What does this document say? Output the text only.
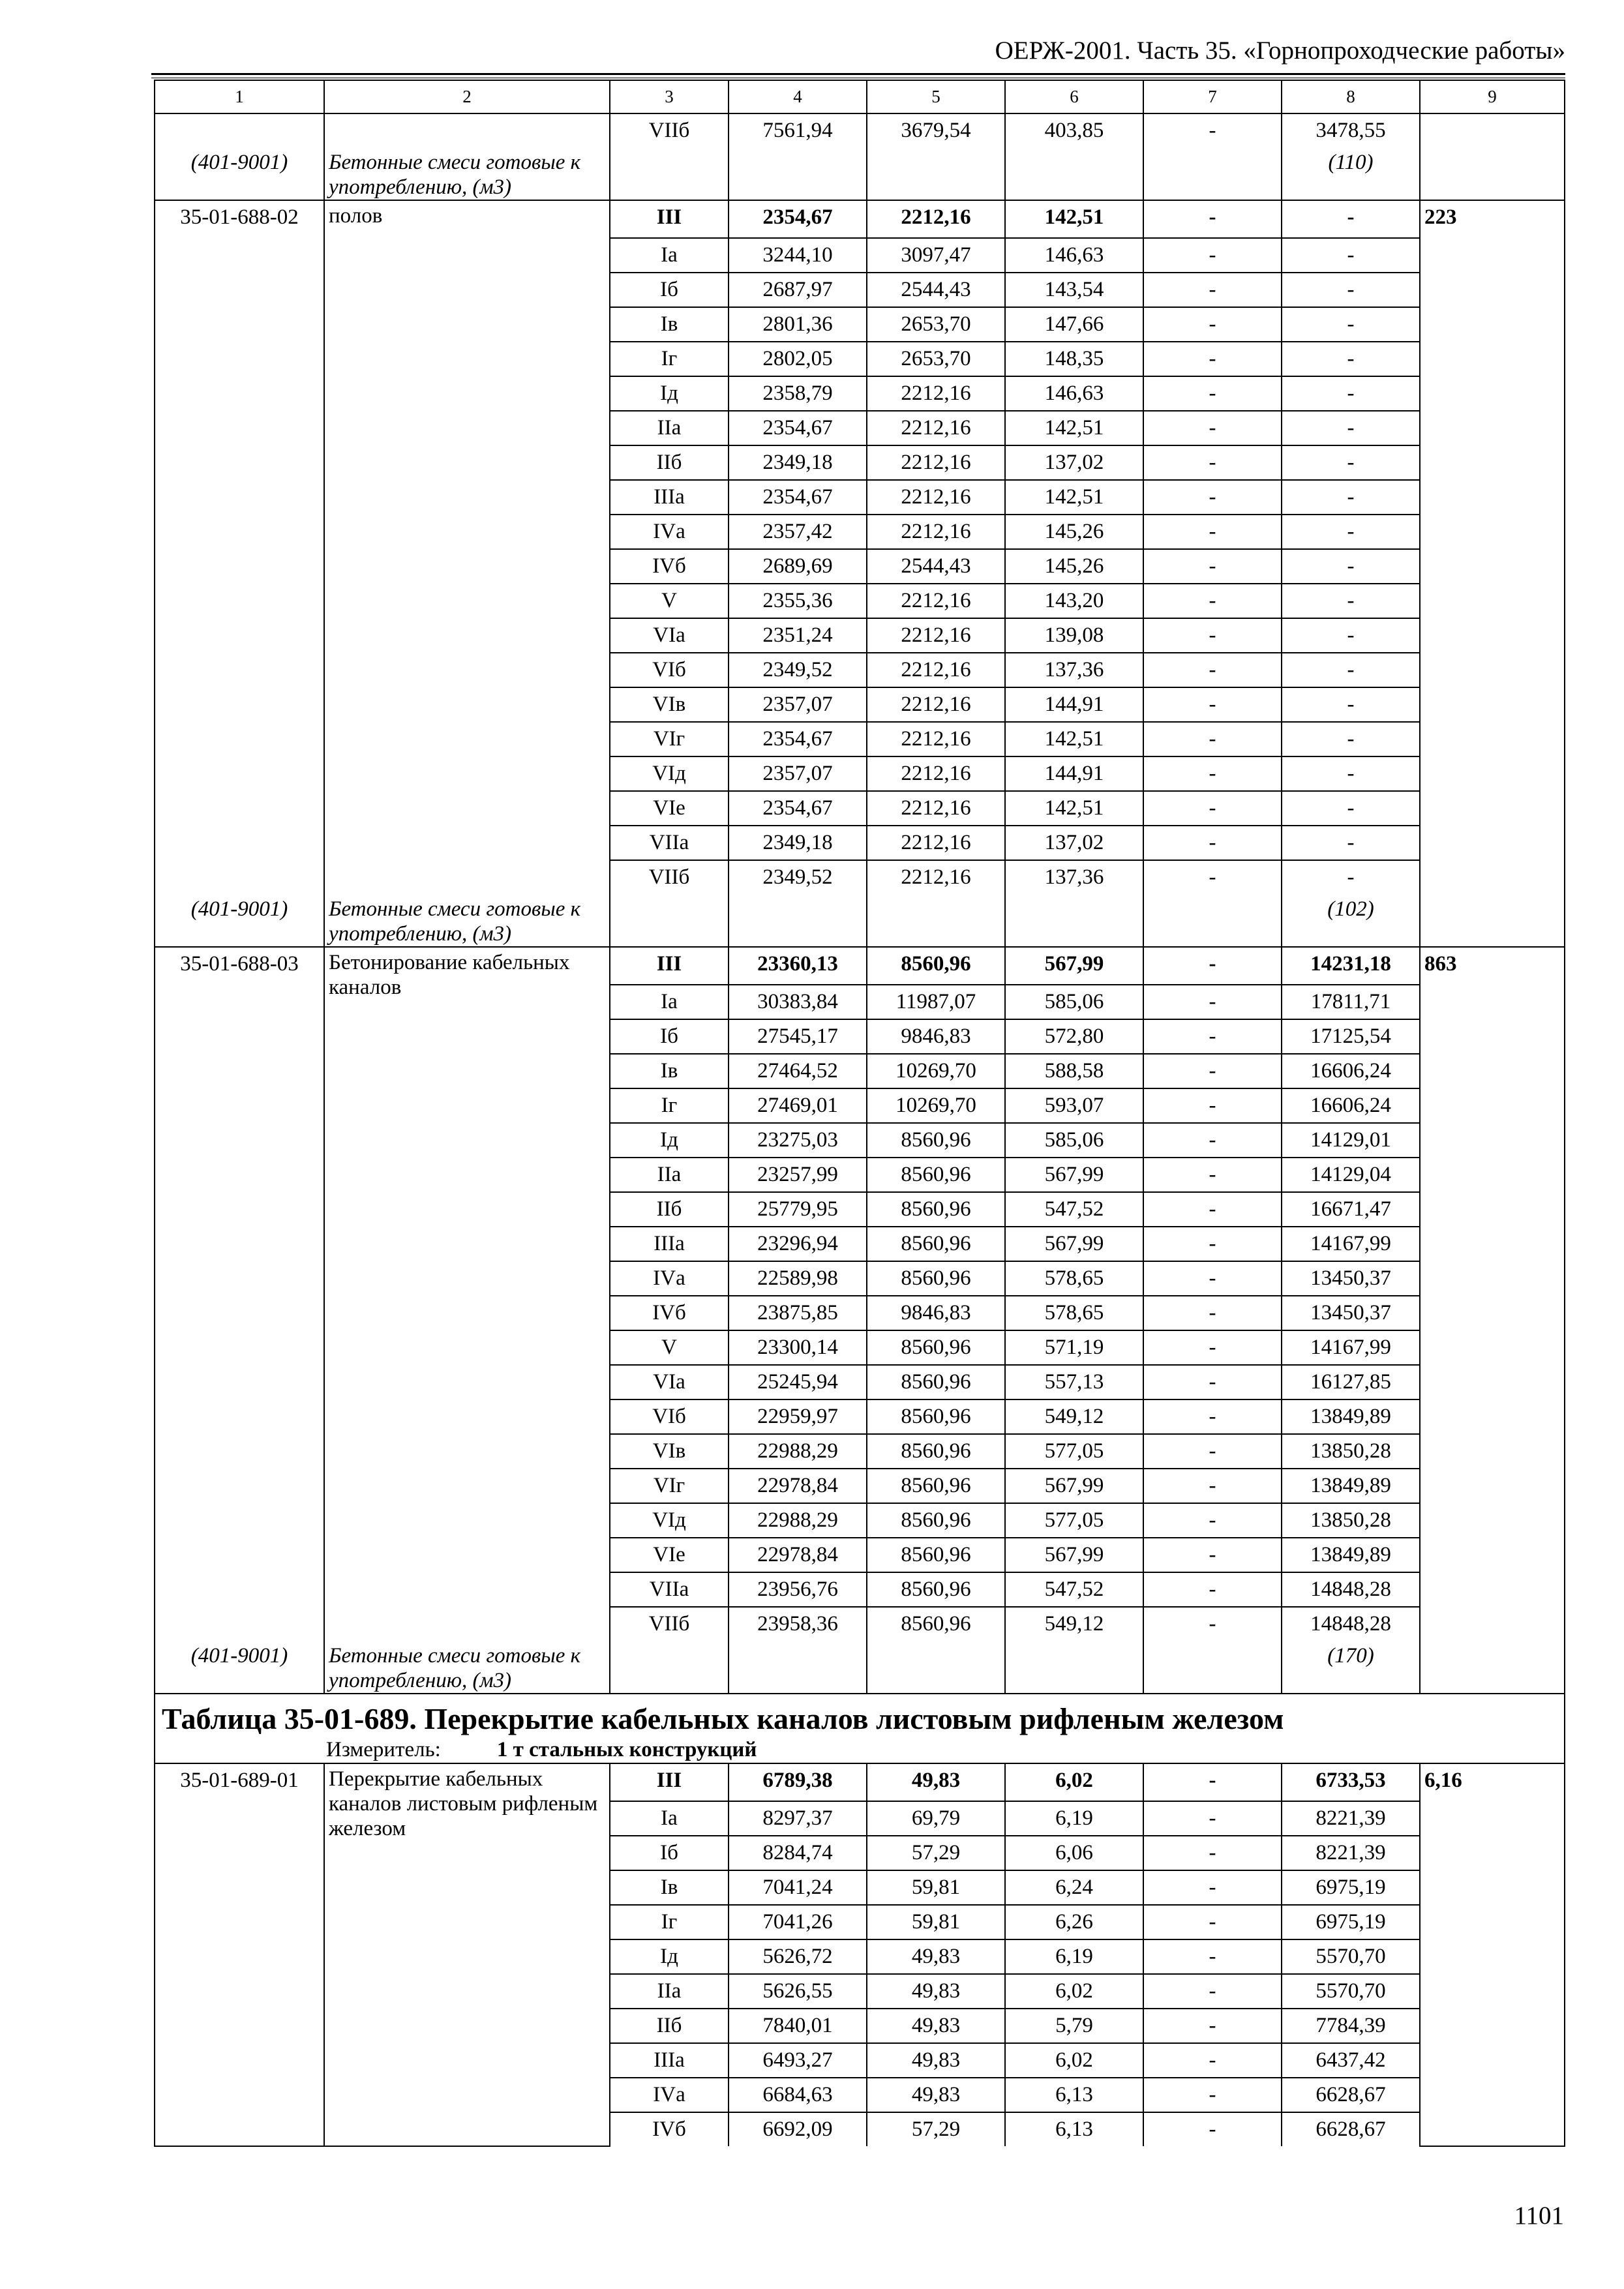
ОЕРЖ-2001. Часть 35. «Горнопроходческие работы»
1	2	3	4	5	6	7	8	9
		VIIб	7561,94	3679,54	403,85	-	3478,55	
(401-9001)	Бетонные смеси готовые к употреблению, (м3)						(110)	
35-01-688-02	полов	III	2354,67	2212,16	142,51	-	-	223
		Iа	3244,10	3097,47	146,63	-	-	
		Iб	2687,97	2544,43	143,54	-	-	
		Iв	2801,36	2653,70	147,66	-	-	
		Iг	2802,05	2653,70	148,35	-	-	
		Iд	2358,79	2212,16	146,63	-	-	
		IIа	2354,67	2212,16	142,51	-	-	
		IIб	2349,18	2212,16	137,02	-	-	
		IIIа	2354,67	2212,16	142,51	-	-	
		IVа	2357,42	2212,16	145,26	-	-	
		IVб	2689,69	2544,43	145,26	-	-	
		V	2355,36	2212,16	143,20	-	-	
		VIа	2351,24	2212,16	139,08	-	-	
		VIб	2349,52	2212,16	137,36	-	-	
		VIв	2357,07	2212,16	144,91	-	-	
		VIг	2354,67	2212,16	142,51	-	-	
		VIд	2357,07	2212,16	144,91	-	-	
		VIе	2354,67	2212,16	142,51	-	-	
		VIIа	2349,18	2212,16	137,02	-	-	
		VIIб	2349,52	2212,16	137,36	-	-	
(401-9001)	Бетонные смеси готовые к употреблению, (м3)						(102)	
35-01-688-03	Бетонирование кабельных каналов	III	23360,13	8560,96	567,99	-	14231,18	863
		Iа	30383,84	11987,07	585,06	-	17811,71	
		Iб	27545,17	9846,83	572,80	-	17125,54	
		Iв	27464,52	10269,70	588,58	-	16606,24	
		Iг	27469,01	10269,70	593,07	-	16606,24	
		Iд	23275,03	8560,96	585,06	-	14129,01	
		IIа	23257,99	8560,96	567,99	-	14129,04	
		IIб	25779,95	8560,96	547,52	-	16671,47	
		IIIа	23296,94	8560,96	567,99	-	14167,99	
		IVа	22589,98	8560,96	578,65	-	13450,37	
		IVб	23875,85	9846,83	578,65	-	13450,37	
		V	23300,14	8560,96	571,19	-	14167,99	
		VIа	25245,94	8560,96	557,13	-	16127,85	
		VIб	22959,97	8560,96	549,12	-	13849,89	
		VIв	22988,29	8560,96	577,05	-	13850,28	
		VIг	22978,84	8560,96	567,99	-	13849,89	
		VIд	22988,29	8560,96	577,05	-	13850,28	
		VIе	22978,84	8560,96	567,99	-	13849,89	
		VIIа	23956,76	8560,96	547,52	-	14848,28	
		VIIб	23958,36	8560,96	549,12	-	14848,28	
(401-9001)	Бетонные смеси готовые к употреблению, (м3)						(170)	

Таблица 35-01-689. Перекрытие кабельных каналов листовым рифленым железом								

Измеритель: 1 т стальных конструкций								

35-01-689-01	Перекрытие кабельных каналов листовым рифленым железом	III	6789,38	49,83	6,02	-	6733,53	6,16
		Iа	8297,37	69,79	6,19	-	8221,39	
		Iб	8284,74	57,29	6,06	-	8221,39	
		Iв	7041,24	59,81	6,24	-	6975,19	
		Iг	7041,26	59,81	6,26	-	6975,19	
		Iд	5626,72	49,83	6,19	-	5570,70	
		IIа	5626,55	49,83	6,02	-	5570,70	
		IIб	7840,01	49,83	5,79	-	7784,39	
		IIIа	6493,27	49,83	6,02	-	6437,42	
		IVа	6684,63	49,83	6,13	-	6628,67	
		IVб	6692,09	57,29	6,13	-	6628,67	
1101
